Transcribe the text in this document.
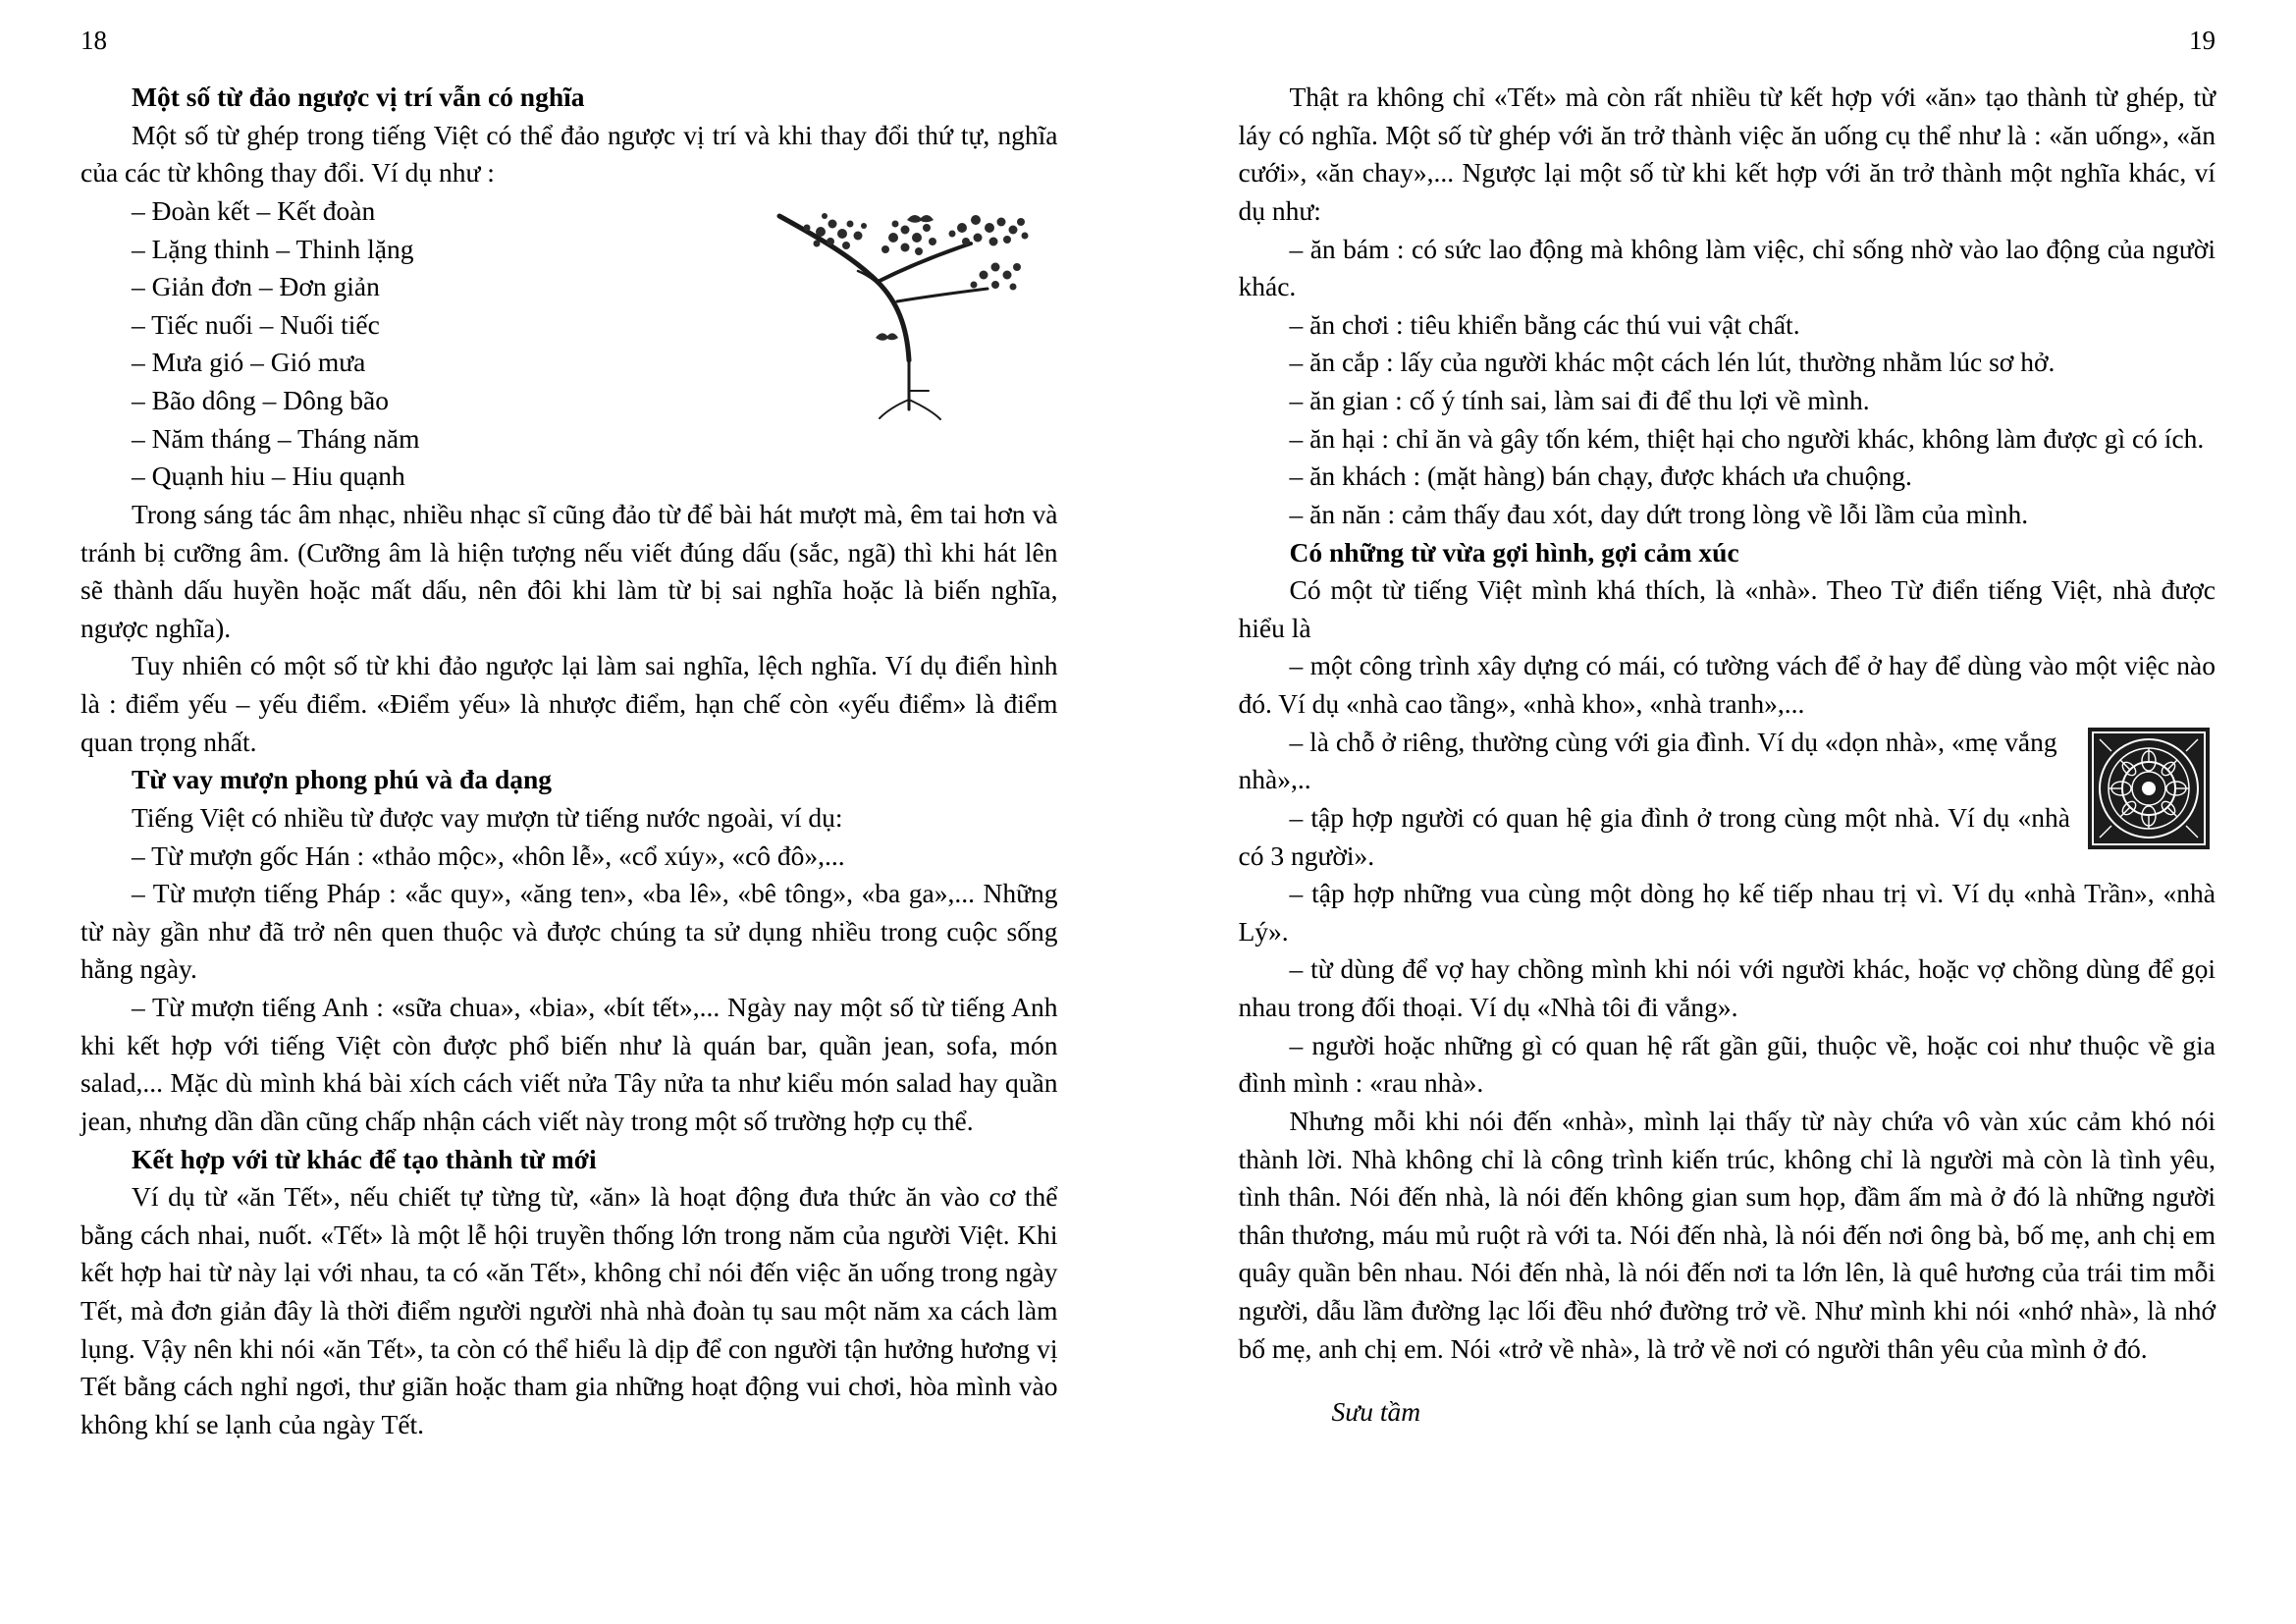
18

Một số từ đảo ngược vị trí vẫn có nghĩa

Một số từ ghép trong tiếng Việt có thể đảo ngược vị trí và khi thay đổi thứ tự, nghĩa của các từ không thay đổi. Ví dụ như :

– Đoàn kết – Kết đoàn

– Lặng thinh – Thinh lặng

– Giản đơn – Đơn giản

– Tiếc nuối – Nuối tiếc

– Mưa gió – Gió mưa

– Bão dông – Dông bão

– Năm tháng – Tháng năm

– Quạnh hiu – Hiu quạnh

Trong sáng tác âm nhạc, nhiều nhạc sĩ cũng đảo từ để bài hát mượt mà, êm tai hơn và tránh bị cưỡng âm. (Cưỡng âm là hiện tượng nếu viết đúng dấu (sắc, ngã) thì khi hát lên sẽ thành dấu huyền hoặc mất dấu, nên đôi khi làm từ bị sai nghĩa hoặc là biến nghĩa, ngược nghĩa).

Tuy nhiên có một số từ khi đảo ngược lại làm sai nghĩa, lệch nghĩa. Ví dụ điển hình là : điểm yếu – yếu điểm. «Điểm yếu» là nhược điểm, hạn chế còn «yếu điểm» là điểm quan trọng nhất.

Từ vay mượn phong phú và đa dạng

Tiếng Việt có nhiều từ được vay mượn từ tiếng nước ngoài, ví dụ:

– Từ mượn gốc Hán : «thảo mộc», «hôn lễ», «cổ xúy», «cô đô»,...

– Từ mượn tiếng Pháp : «ắc quy», «ăng ten», «ba lê», «bê tông», «ba ga»,... Những từ này gần như đã trở nên quen thuộc và được chúng ta sử dụng nhiều trong cuộc sống hằng ngày.

– Từ mượn tiếng Anh : «sữa chua», «bia», «bít tết»,... Ngày nay một số từ tiếng Anh khi kết hợp với tiếng Việt còn được phổ biến như là quán bar, quần jean, sofa, món salad,... Mặc dù mình khá bài xích cách viết nửa Tây nửa ta như kiểu món salad hay quần jean, nhưng dần dần cũng chấp nhận cách viết này trong một số trường hợp cụ thể.

Kết hợp với từ khác để tạo thành từ mới

Ví dụ từ «ăn Tết», nếu chiết tự từng từ, «ăn» là hoạt động đưa thức ăn vào cơ thể bằng cách nhai, nuốt. «Tết» là một lễ hội truyền thống lớn trong năm của người Việt. Khi kết hợp hai từ này lại với nhau, ta có «ăn Tết», không chỉ nói đến việc ăn uống trong ngày Tết, mà đơn giản đây là thời điểm người người nhà nhà đoàn tụ sau một năm xa cách làm lụng. Vậy nên khi nói «ăn Tết», ta còn có thể hiểu là dịp để con người tận hưởng hương vị Tết bằng cách nghỉ ngơi, thư giãn hoặc tham gia những hoạt động vui chơi, hòa mình vào không khí se lạnh của ngày Tết.

19

Thật ra không chỉ «Tết» mà còn rất nhiều từ kết hợp với «ăn» tạo thành từ ghép, từ láy có nghĩa. Một số từ ghép với ăn trở thành việc ăn uống cụ thể như là : «ăn uống», «ăn cưới», «ăn chay»,... Ngược lại một số từ khi kết hợp với ăn trở thành một nghĩa khác, ví dụ như:

– ăn bám : có sức lao động mà không làm việc, chỉ sống nhờ vào lao động của người khác.

– ăn chơi : tiêu khiển bằng các thú vui vật chất.

– ăn cắp : lấy của người khác một cách lén lút, thường nhằm lúc sơ hở.

– ăn gian : cố ý tính sai, làm sai đi để thu lợi về mình.

– ăn hại : chỉ ăn và gây tốn kém, thiệt hại cho người khác, không làm được gì có ích.

– ăn khách : (mặt hàng) bán chạy, được khách ưa chuộng.

– ăn năn : cảm thấy đau xót, day dứt trong lòng về lỗi lầm của mình.

Có những từ vừa gợi hình, gợi cảm xúc

Có một từ tiếng Việt mình khá thích, là «nhà». Theo Từ điển tiếng Việt, nhà được hiểu là

– một công trình xây dựng có mái, có tường vách để ở hay để dùng vào một việc nào đó. Ví dụ «nhà cao tầng», «nhà kho», «nhà tranh»,...

– là chỗ ở riêng, thường cùng với gia đình. Ví dụ «dọn nhà», «mẹ vắng nhà»,..

– tập hợp người có quan hệ gia đình ở trong cùng một nhà. Ví dụ «nhà có 3 người».

– tập hợp những vua cùng một dòng họ kế tiếp nhau trị vì. Ví dụ «nhà Trần», «nhà Lý».

– từ dùng để vợ hay chồng mình khi nói với người khác, hoặc vợ chồng dùng để gọi nhau trong đối thoại. Ví dụ «Nhà tôi đi vắng».

– người hoặc những gì có quan hệ rất gần gũi, thuộc về, hoặc coi như thuộc về gia đình mình : «rau nhà».

Nhưng mỗi khi nói đến «nhà», mình lại thấy từ này chứa vô vàn xúc cảm khó nói thành lời. Nhà không chỉ là công trình kiến trúc, không chỉ là người mà còn là tình yêu, tình thân. Nói đến nhà, là nói đến không gian sum họp, đầm ấm mà ở đó là những người thân thương, máu mủ ruột rà với ta. Nói đến nhà, là nói đến nơi ông bà, bố mẹ, anh chị em quây quần bên nhau. Nói đến nhà, là nói đến nơi ta lớn lên, là quê hương của trái tim mỗi người, dẫu lầm đường lạc lối đều nhớ đường trở về. Như mình khi nói «nhớ nhà», là nhớ bố mẹ, anh chị em. Nói «trở về nhà», là trở về nơi có người thân yêu của mình ở đó.

Sưu tầm
